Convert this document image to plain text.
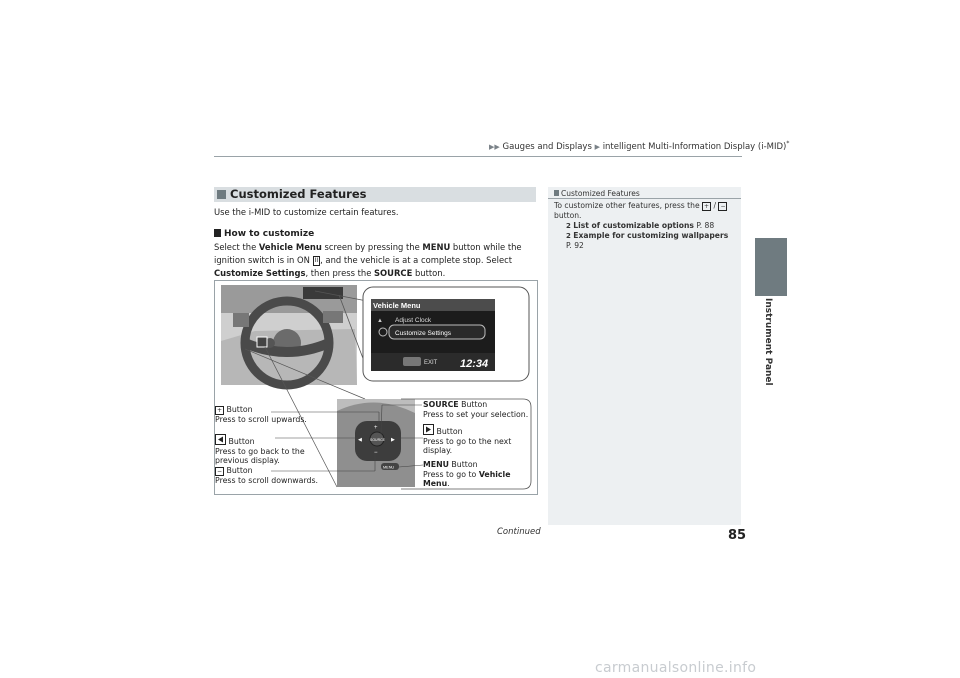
▶▶ Gauges and Displays ▶ intelligent Multi-Information Display (i-MID)*
Instrument Panel
Customized Features
Use the i-MID to customize certain features.
How to customize
Select the Vehicle Menu screen by pressing the MENU button while the ignition switch is in ON II , and the vehicle is at a complete stop. Select Customize Settings, then press the SOURCE button.
Vehicle Menu
▲ Adjust Clock
Customize Settings
EXIT 12:34
SOURCE
+
−
◀	▶
MENU
+ Button
Press to scroll upwards.
Button
Press to go back to the
previous display.
− Button
Press to scroll downwards.
SOURCE Button
Press to set your selection.
Button
Press to go to the next
display.
MENU Button
Press to go to Vehicle Menu.
Customized Features
To customize other features, press the + / −
button.
2 List of customizable options P. 88
2 Example for customizing wallpapers P. 92
Continued	85
carmanualsonline.info
